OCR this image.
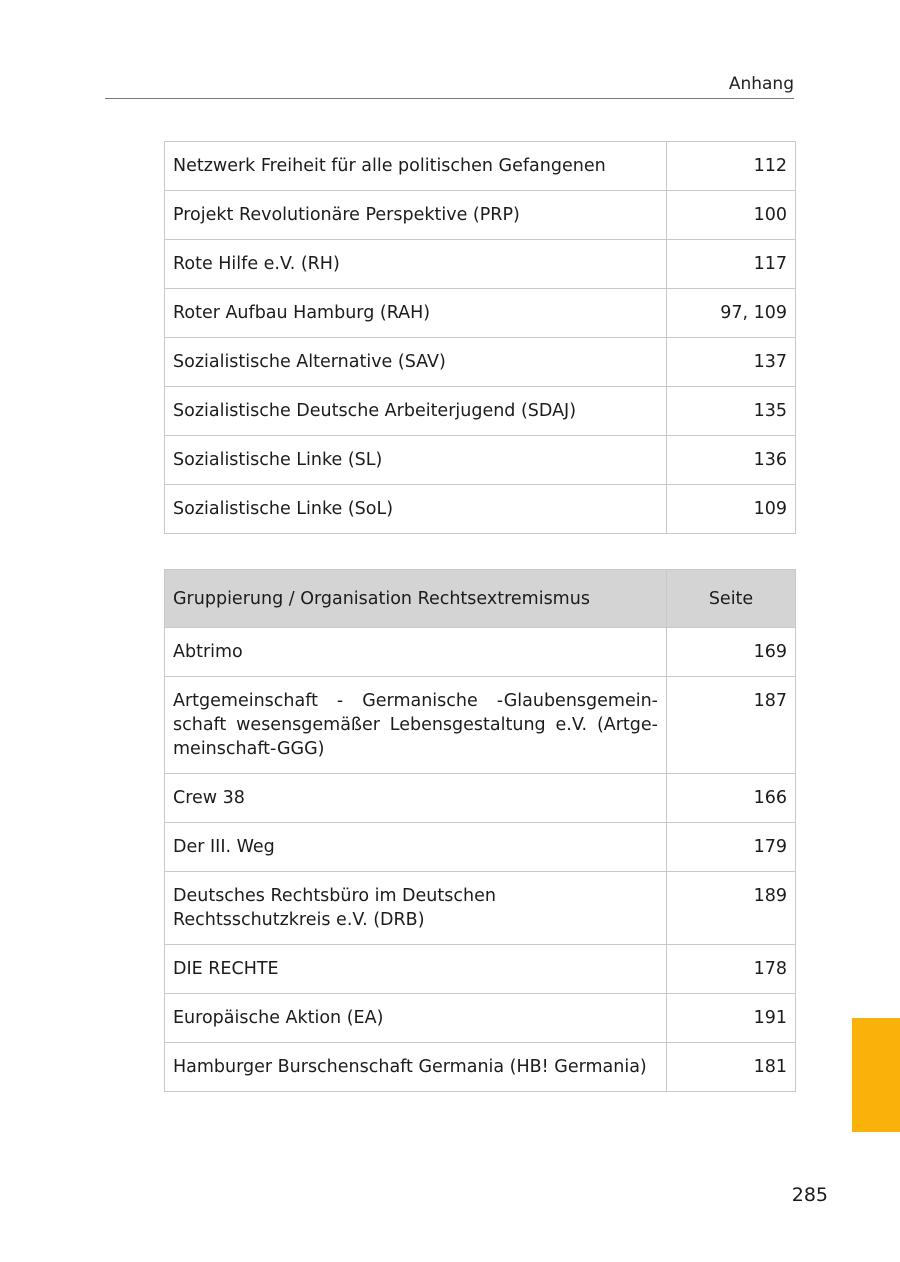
Anhang
Netzwerk Freiheit für alle politischen Gefangenen	112
Projekt Revolutionäre Perspektive (PRP)	100
Rote Hilfe e.V. (RH)	117
Roter Aufbau Hamburg (RAH)	97, 109
Sozialistische Alternative (SAV)	137
Sozialistische Deutsche Arbeiterjugend (SDAJ)	135
Sozialistische Linke (SL)	136
Sozialistische Linke (SoL)	109
Gruppierung / Organisation Rechtsextremismus	Seite
Abtrimo	169
Artgemeinschaft - Germanische -Glaubensgemein-schaft wesensgemäßer Lebensgestaltung e.V. (Artge-meinschaft-GGG)	187
Crew 38	166
Der III. Weg	179
Deutsches Rechtsbüro im Deutschen Rechtsschutzkreis e.V. (DRB)	189
DIE RECHTE	178
Europäische Aktion (EA)	191
Hamburger Burschenschaft Germania (HB! Germania)	181
285
